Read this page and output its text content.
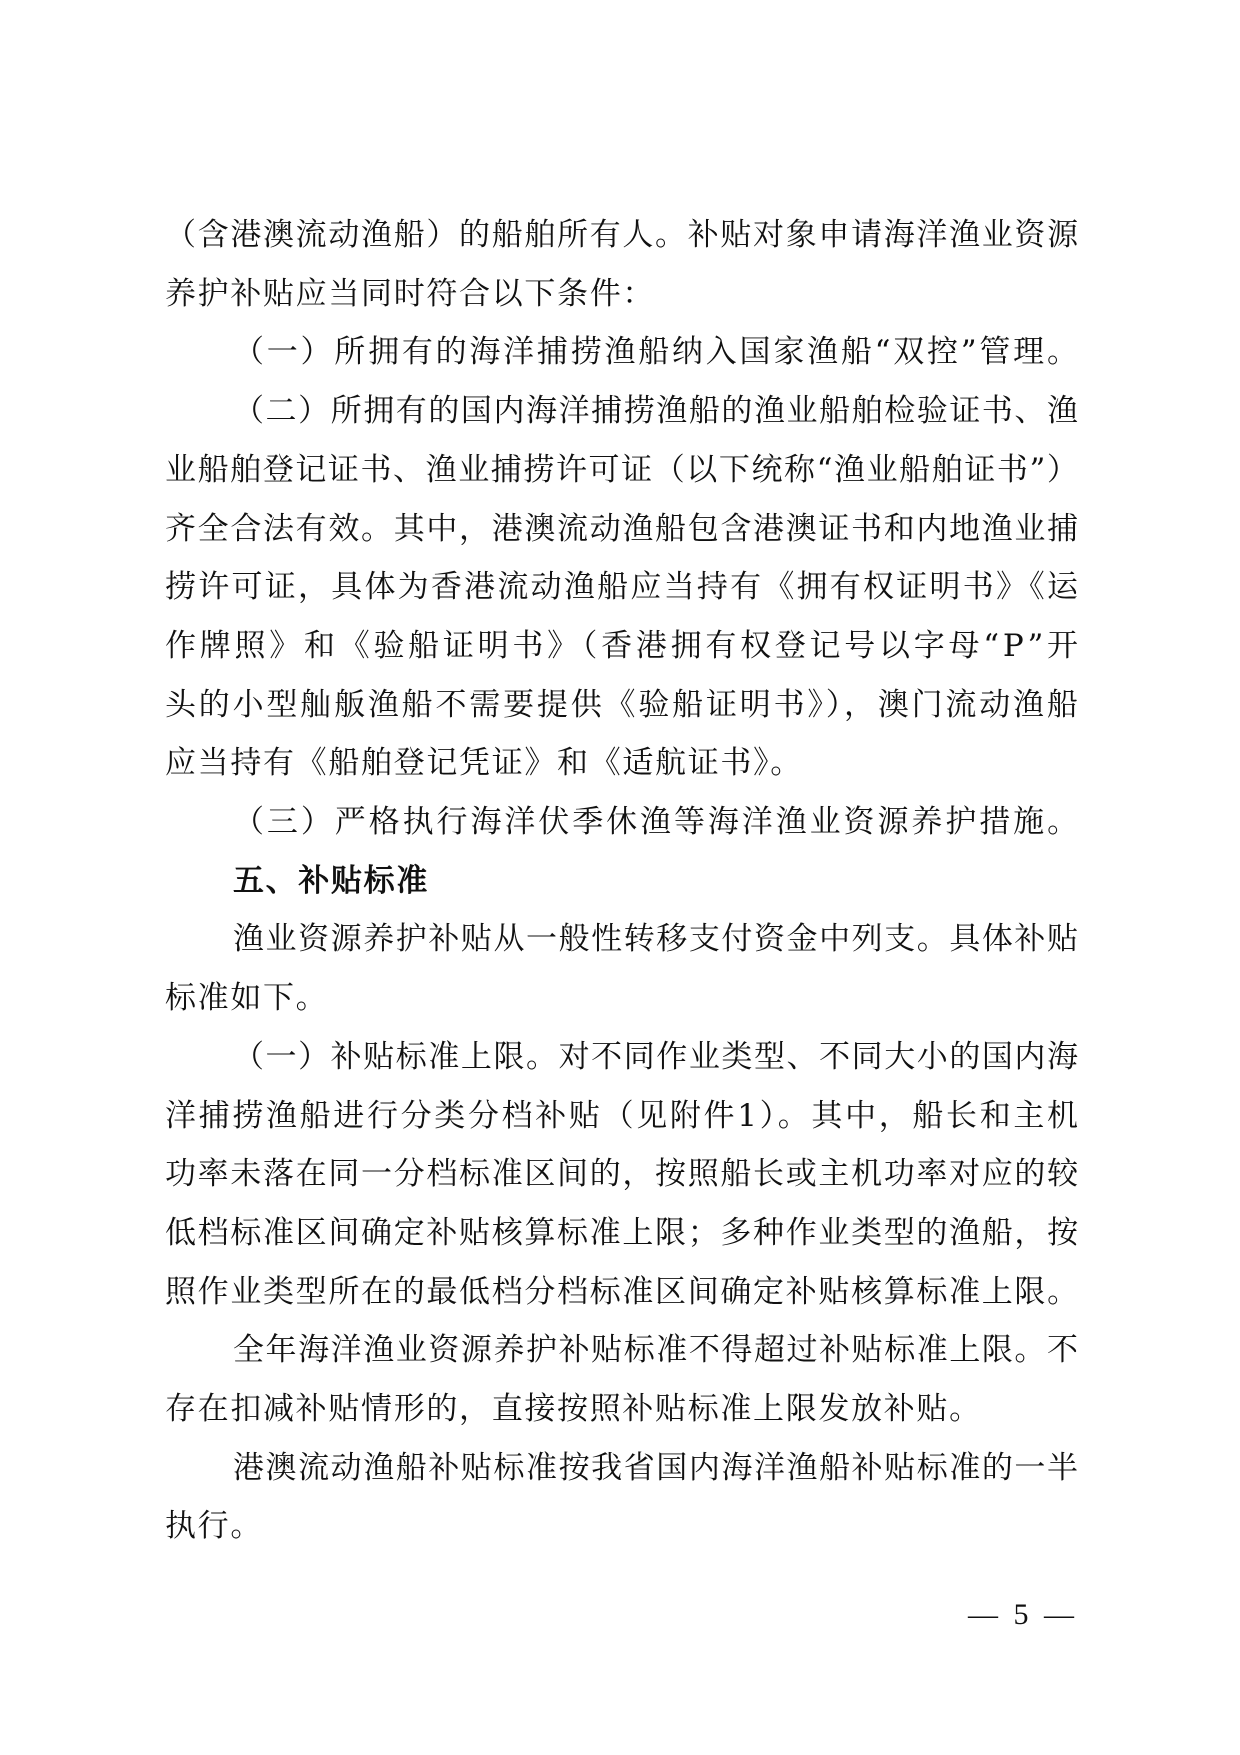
（含港澳流动渔船）的船舶所有人。补贴对象申请海洋渔业资源
养护补贴应当同时符合以下条件：
（一）所拥有的海洋捕捞渔船纳入国家渔船“双控”管理。
（二）所拥有的国内海洋捕捞渔船的渔业船舶检验证书、渔
业船舶登记证书、渔业捕捞许可证（以下统称“渔业船舶证书”）
齐全合法有效。其中，港澳流动渔船包含港澳证书和内地渔业捕
捞许可证，具体为香港流动渔船应当持有《拥有权证明书》《运
作牌照》和《验船证明书》（香港拥有权登记号以字母“P”开
头的小型舢舨渔船不需要提供《验船证明书》），澳门流动渔船
应当持有《船舶登记凭证》和《适航证书》。
（三）严格执行海洋伏季休渔等海洋渔业资源养护措施。
五、补贴标准
渔业资源养护补贴从一般性转移支付资金中列支。具体补贴
标准如下。
（一）补贴标准上限。对不同作业类型、不同大小的国内海
洋捕捞渔船进行分类分档补贴（见附件1）。其中，船长和主机
功率未落在同一分档标准区间的，按照船长或主机功率对应的较
低档标准区间确定补贴核算标准上限；多种作业类型的渔船，按
照作业类型所在的最低档分档标准区间确定补贴核算标准上限。
全年海洋渔业资源养护补贴标准不得超过补贴标准上限。不
存在扣减补贴情形的，直接按照补贴标准上限发放补贴。
港澳流动渔船补贴标准按我省国内海洋渔船补贴标准的一半
执行。
— 5 —
